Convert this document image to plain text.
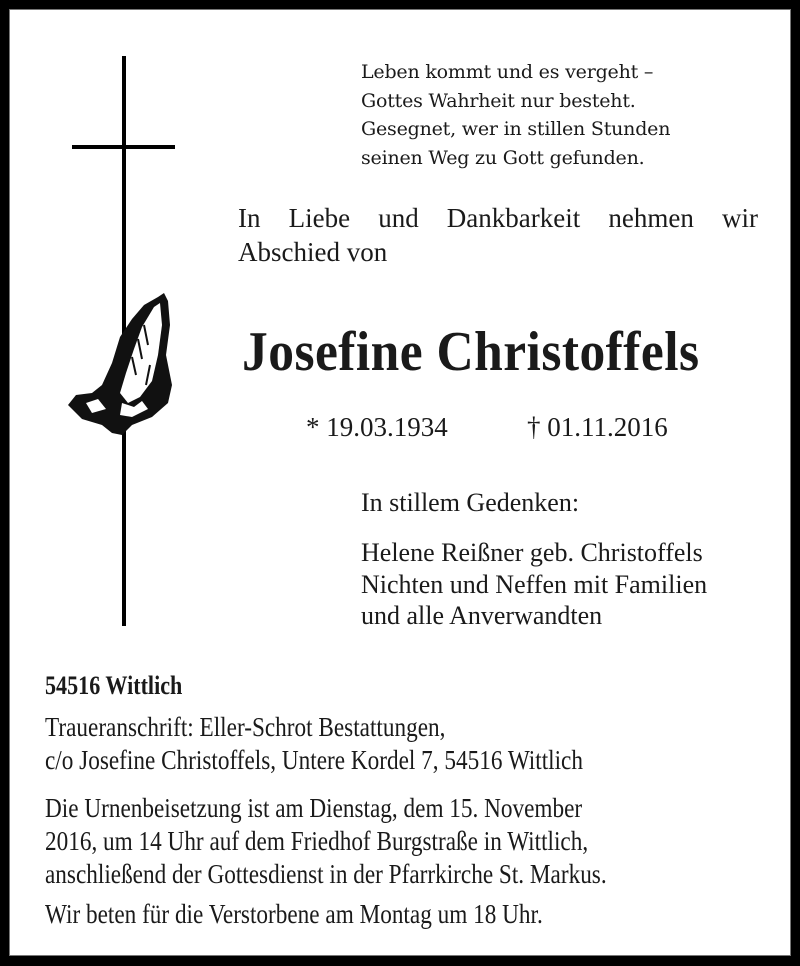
Leben kommt und es vergeht –
Gottes Wahrheit nur besteht.
Gesegnet, wer in stillen Stunden
seinen Weg zu Gott gefunden.
In Liebe und Dankbarkeit nehmen wir
Abschied von
Josefine Christoffels
* 19.03.1934	† 01.11.2016
In stillem Gedenken:
Helene Reißner geb. Christoffels
Nichten und Neffen mit Familien
und alle Anverwandten
54516 Wittlich
Traueranschrift: Eller-Schrot Bestattungen,
c/o Josefine Christoffels, Untere Kordel 7, 54516 Wittlich
Die Urnenbeisetzung ist am Dienstag, dem 15. November
2016, um 14 Uhr auf dem Friedhof Burgstraße in Wittlich,
anschließend der Gottesdienst in der Pfarrkirche St. Markus.
Wir beten für die Verstorbene am Montag um 18 Uhr.
